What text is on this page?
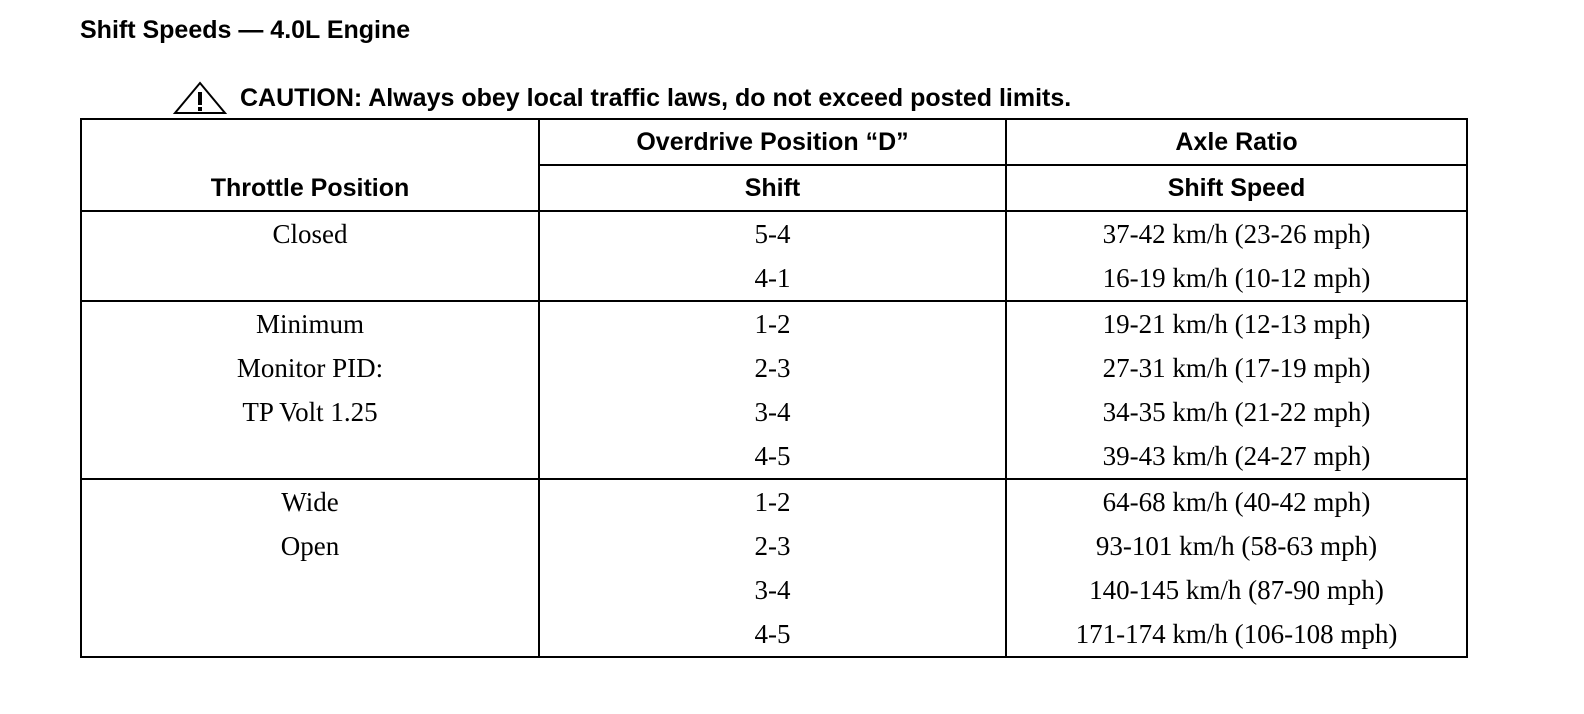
Shift Speeds — 4.0L Engine
CAUTION: Always obey local traffic laws, do not exceed posted limits.
Throttle Position	Overdrive Position “D”	Axle Ratio
	Shift	Shift Speed

Closed	5-4	37-42 km/h (23-26 mph)
	4-1	16-19 km/h (10-12 mph)

Minimum
Monitor PID:
TP Volt 1.25	1-2	19-21 km/h (12-13 mph)
	2-3	27-31 km/h (17-19 mph)
	3-4	34-35 km/h (21-22 mph)
	4-5	39-43 km/h (24-27 mph)

Wide
Open	1-2	64-68 km/h (40-42 mph)
	2-3	93-101 km/h (58-63 mph)
	3-4	140-145 km/h (87-90 mph)
	4-5	171-174 km/h (106-108 mph)
